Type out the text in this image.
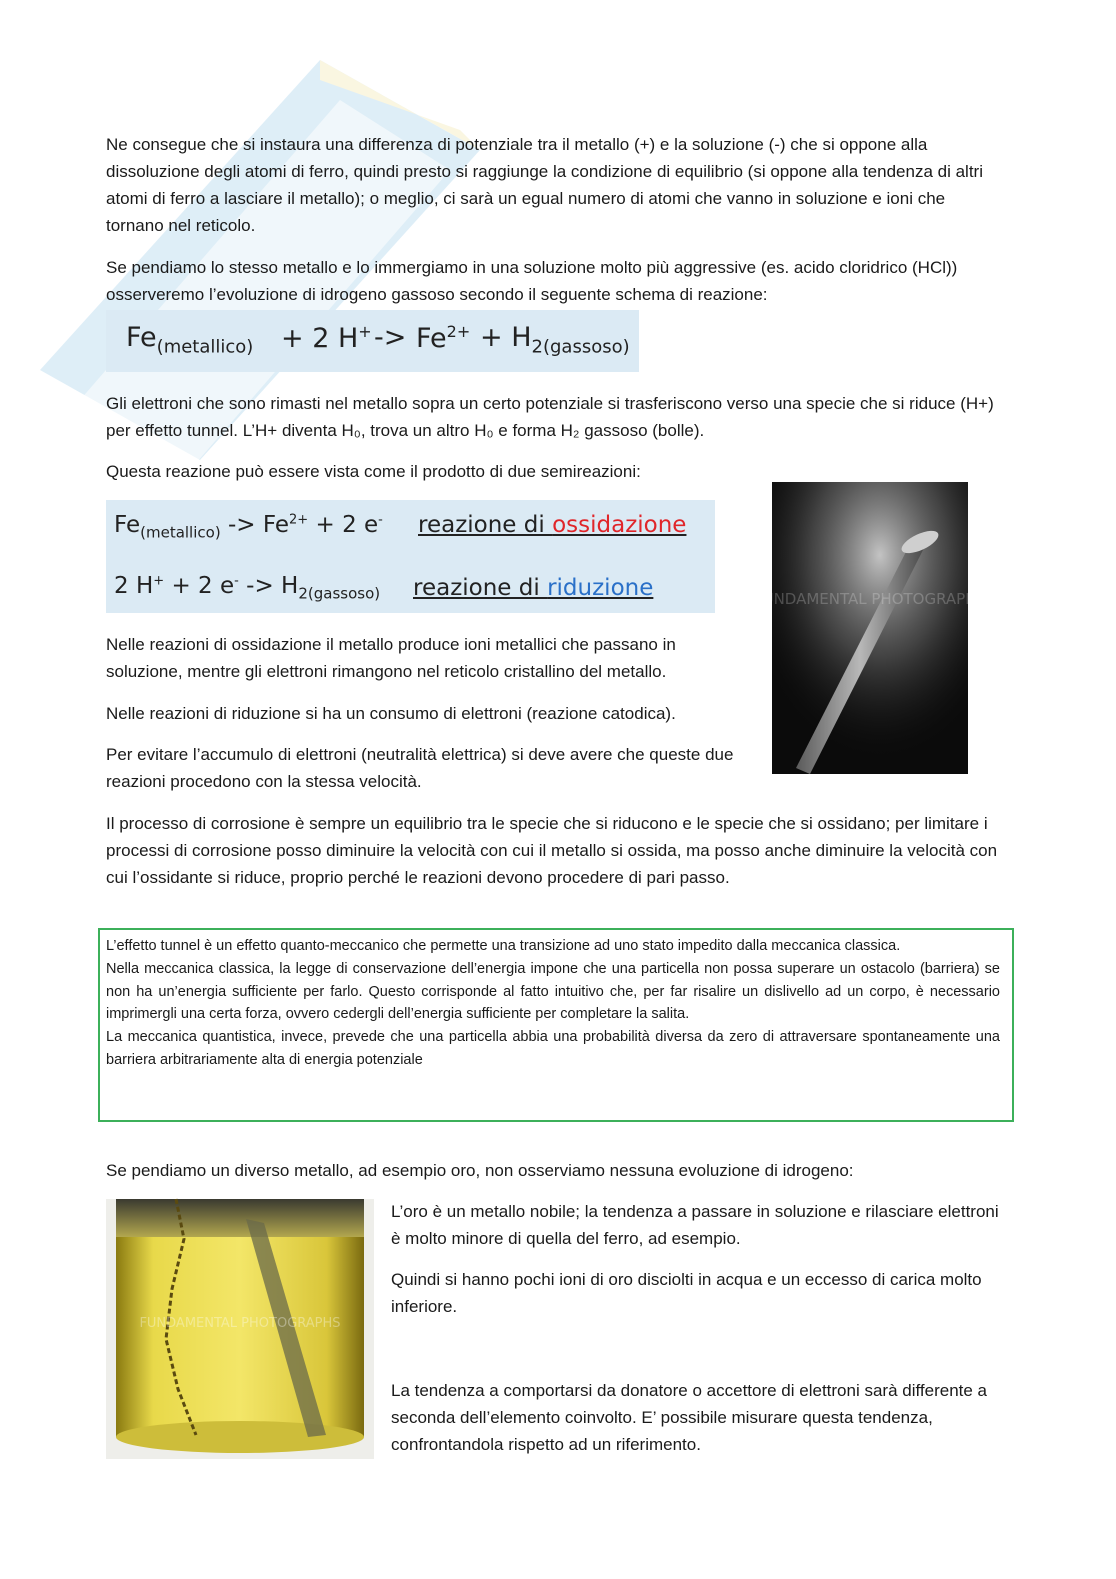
Ne consegue che si instaura una differenza di potenziale tra il metallo (+) e la soluzione (-) che si oppone alla dissoluzione degli atomi di ferro, quindi presto si raggiunge la condizione di equilibrio (si oppone alla tendenza di altri atomi di ferro a lasciare il metallo); o meglio, ci sarà un egual numero di atomi che vanno in soluzione e ioni che tornano nel reticolo.

Se pendiamo lo stesso metallo e lo immergiamo in una soluzione molto più aggressive (es. acido cloridrico (HCl)) osserveremo l’evoluzione di idrogeno gassoso secondo il seguente schema di reazione:

$Fe_{(metallico)} + 2$ $H^+ -> Fe^{2+} + H_{2(gassoso)}$

Gli elettroni che sono rimasti nel metallo sopra un certo potenziale si trasferiscono verso una specie che si riduce (H+) per effetto tunnel. L’H+ diventa H₀, trova un altro H₀ e forma H₂ gassoso (bolle).

Questa reazione può essere vista come il prodotto di due semireazioni:

$Fe_{(metallico)} -> Fe^{2+} + 2$ e- reazione di ossidazione
2 H+ + 2 $e^- -> H_{2(gassoso)}$ reazione di riduzione	FUNDAMENTAL PHOTOGRAPHS

Nelle reazioni di ossidazione il metallo produce ioni metallici che passano in soluzione, mentre gli elettroni rimangono nel reticolo cristallino del metallo.

Nelle reazioni di riduzione si ha un consumo di elettroni (reazione catodica).

Per evitare l’accumulo di elettroni (neutralità elettrica) si deve avere che queste due reazioni procedono con la stessa velocità.

Il processo di corrosione è sempre un equilibrio tra le specie che si riducono e le specie che si ossidano; per limitare i processi di corrosione posso diminuire la velocità con cui il metallo si ossida, ma posso anche diminuire la velocità con cui l’ossidante si riduce, proprio perché le reazioni devono procedere di pari passo.

L’effetto tunnel è un effetto quanto-meccanico che permette una transizione ad uno stato impedito dalla meccanica classica.

Nella meccanica classica, la legge di conservazione dell’energia impone che una particella non possa superare un ostacolo (barriera) se non ha un’energia sufficiente per farlo. Questo corrisponde al fatto intuitivo che, per far risalire un dislivello ad un corpo, è necessario imprimergli una certa forza, ovvero cedergli dell’energia sufficiente per completare la salita.

La meccanica quantistica, invece, prevede che una particella abbia una probabilità diversa da zero di attraversare spontaneamente una barriera arbitrariamente alta di energia potenziale

Se pendiamo un diverso metallo, ad esempio oro, non osserviamo nessuna evoluzione di idrogeno:

FUNDAMENTAL PHOTOGRAPHS

L’oro è un metallo nobile; la tendenza a passare in soluzione e rilasciare elettroni è molto minore di quella del ferro, ad esempio.

Quindi si hanno pochi ioni di oro disciolti in acqua e un eccesso di carica molto inferiore.

La tendenza a comportarsi da donatore o accettore di elettroni sarà differente a seconda dell’elemento coinvolto. E’ possibile misurare questa tendenza, confrontandola rispetto ad un riferimento.
